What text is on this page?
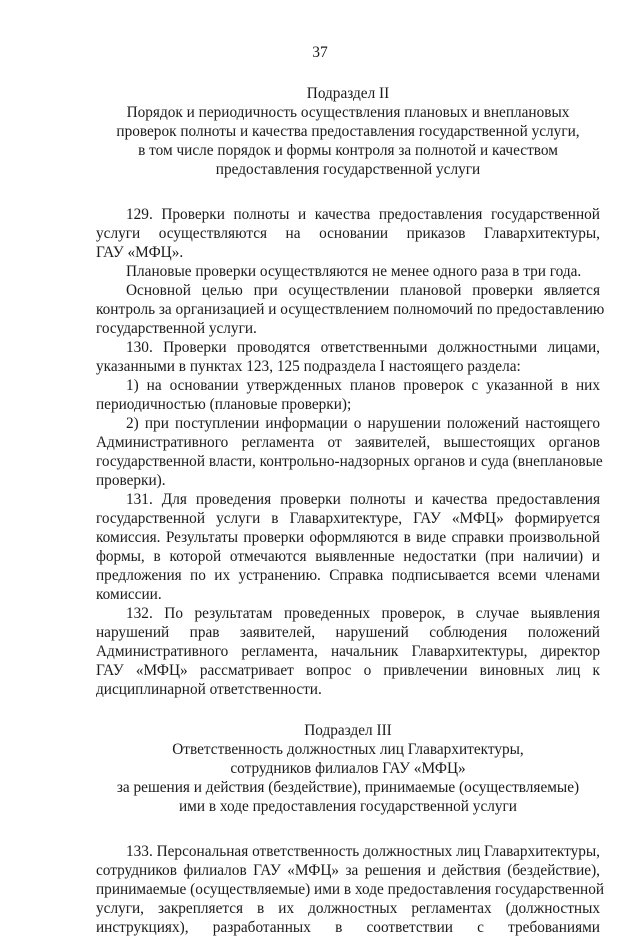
37
Подраздел II
Порядок и периодичность осуществления плановых и внеплановых
проверок полноты и качества предоставления государственной услуги,
в том числе порядок и формы контроля за полнотой и качеством
предоставления государственной услуги
129. Проверки полноты и качества предоставления государственной
услуги осуществляются на основании приказов Главархитектуры,
ГАУ «МФЦ».
Плановые проверки осуществляются не менее одного раза в три года.
Основной целью при осуществлении плановой проверки является
контроль за организацией и осуществлением полномочий по предоставлению
государственной услуги.
130. Проверки проводятся ответственными должностными лицами,
указанными в пунктах 123, 125 подраздела I настоящего раздела:
1) на основании утвержденных планов проверок с указанной в них
периодичностью (плановые проверки);
2) при поступлении информации о нарушении положений настоящего
Административного регламента от заявителей, вышестоящих органов
государственной власти, контрольно-надзорных органов и суда (внеплановые
проверки).
131. Для проведения проверки полноты и качества предоставления
государственной услуги в Главархитектуре, ГАУ «МФЦ» формируется
комиссия. Результаты проверки оформляются в виде справки произвольной
формы, в которой отмечаются выявленные недостатки (при наличии) и
предложения по их устранению. Справка подписывается всеми членами
комиссии.
132. По результатам проведенных проверок, в случае выявления
нарушений прав заявителей, нарушений соблюдения положений
Административного регламента, начальник Главархитектуры, директор
ГАУ «МФЦ» рассматривает вопрос о привлечении виновных лиц к
дисциплинарной ответственности.
Подраздел III
Ответственность должностных лиц Главархитектуры,
сотрудников филиалов ГАУ «МФЦ»
за решения и действия (бездействие), принимаемые (осуществляемые)
ими в ходе предоставления государственной услуги
133. Персональная ответственность должностных лиц Главархитектуры,
сотрудников филиалов ГАУ «МФЦ» за решения и действия (бездействие),
принимаемые (осуществляемые) ими в ходе предоставления государственной
услуги, закрепляется в их должностных регламентах (должностных
инструкциях), разработанных в соответствии с требованиями
